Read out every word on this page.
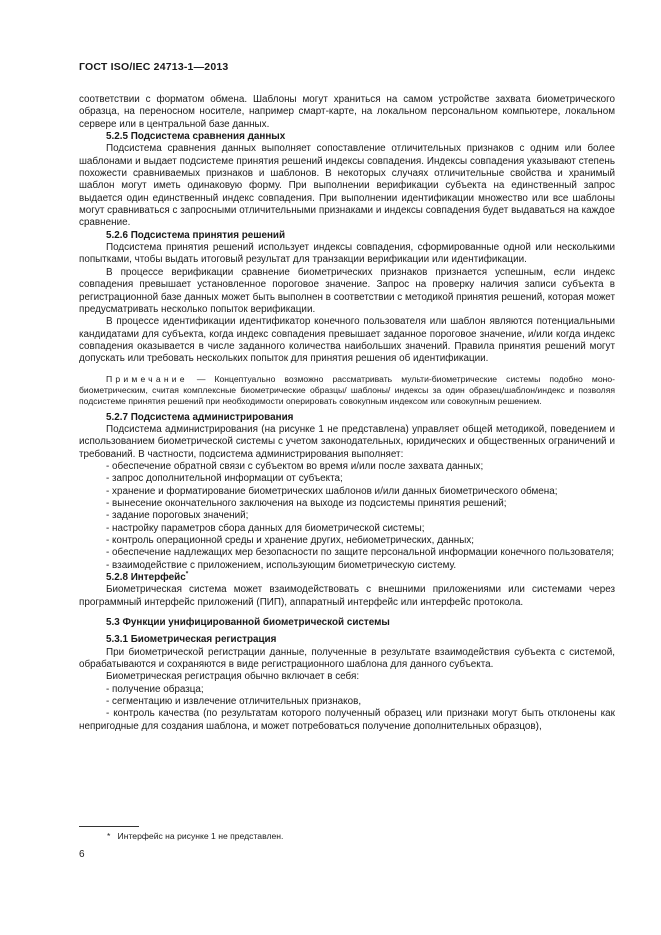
ГОСТ ISO/IEC 24713-1—2013

соответствии с форматом обмена. Шаблоны могут храниться на самом устройстве захвата биометрического образца, на переносном носителе, например смарт-карте, на локальном персональном компьютере, локальном сервере или в центральной базе данных.

5.2.5 Подсистема сравнения данных

Подсистема сравнения данных выполняет сопоставление отличительных признаков с одним или более шаблонами и выдает подсистеме принятия решений индексы совпадения. Индексы совпадения указывают степень похожести сравниваемых признаков и шаблонов. В некоторых случаях отличительные свойства и хранимый шаблон могут иметь одинаковую форму. При выполнении верификации субъекта на единственный запрос выдается один единственный индекс совпадения. При выполнении идентификации множество или все шаблоны могут сравниваться с запросными отличительными признаками и индексы совпадения будет выдаваться на каждое сравнение.

5.2.6 Подсистема принятия решений

Подсистема принятия решений использует индексы совпадения, сформированные одной или несколькими попытками, чтобы выдать итоговый результат для транзакции верификации или идентификации.

В процессе верификации сравнение биометрических признаков признается успешным, если индекс совпадения превышает установленное пороговое значение. Запрос на проверку наличия записи субъекта в регистрационной базе данных может быть выполнен в соответствии с методикой принятия решений, которая может предусматривать несколько попыток верификации.

В процессе идентификации идентификатор конечного пользователя или шаблон являются потенциальными кандидатами для субъекта, когда индекс совпадения превышает заданное пороговое значение, и/или когда индекс совпадения оказывается в числе заданного количества наибольших значений. Правила принятия решений могут допускать или требовать нескольких попыток для принятия решения об идентификации.

Примечание — Концептуально возможно рассматривать мульти-биометрические системы подобно моно-биометрическим, считая комплексные биометрические образцы/ шаблоны/ индексы за один образец/шаблон/индекс и позволяя подсистеме принятия решений при необходимости оперировать совокупным индексом или совокупным решением.

5.2.7 Подсистема администрирования

Подсистема администрирования (на рисунке 1 не представлена) управляет общей методикой, поведением и использованием биометрической системы с учетом законодательных, юридических и общественных ограничений и требований. В частности, подсистема администрирования выполняет:

- обеспечение обратной связи с субъектом во время и/или после захвата данных;
- запрос дополнительной информации от субъекта;
- хранение и форматирование биометрических шаблонов и/или данных биометрического обмена;
- вынесение окончательного заключения на выходе из подсистемы принятия решений;
- задание пороговых значений;
- настройку параметров сбора данных для биометрической системы;
- контроль операционной среды и хранение других, небиометрических, данных;
- обеспечение надлежащих мер безопасности по защите персональной информации конечного пользователя;
- взаимодействие с приложением, использующим биометрическую систему.

5.2.8 Интерфейс*

Биометрическая система может взаимодействовать с внешними приложениями или системами через программный интерфейс приложений (ПИП), аппаратный интерфейс или интерфейс протокола.

5.3 Функции унифицированной биометрической системы

5.3.1 Биометрическая регистрация

При биометрической регистрации данные, полученные в результате взаимодействия субъекта с системой, обрабатываются и сохраняются в виде регистрационного шаблона для данного субъекта.

Биометрическая регистрация обычно включает в себя:

- получение образца;
- сегментацию и извлечение отличительных признаков,
- контроль качества (по результатам которого полученный образец или признаки могут быть отклонены как непригодные для создания шаблона, и может потребоваться получение дополнительных образцов),
* Интерфейс на рисунке 1 не представлен.
6
